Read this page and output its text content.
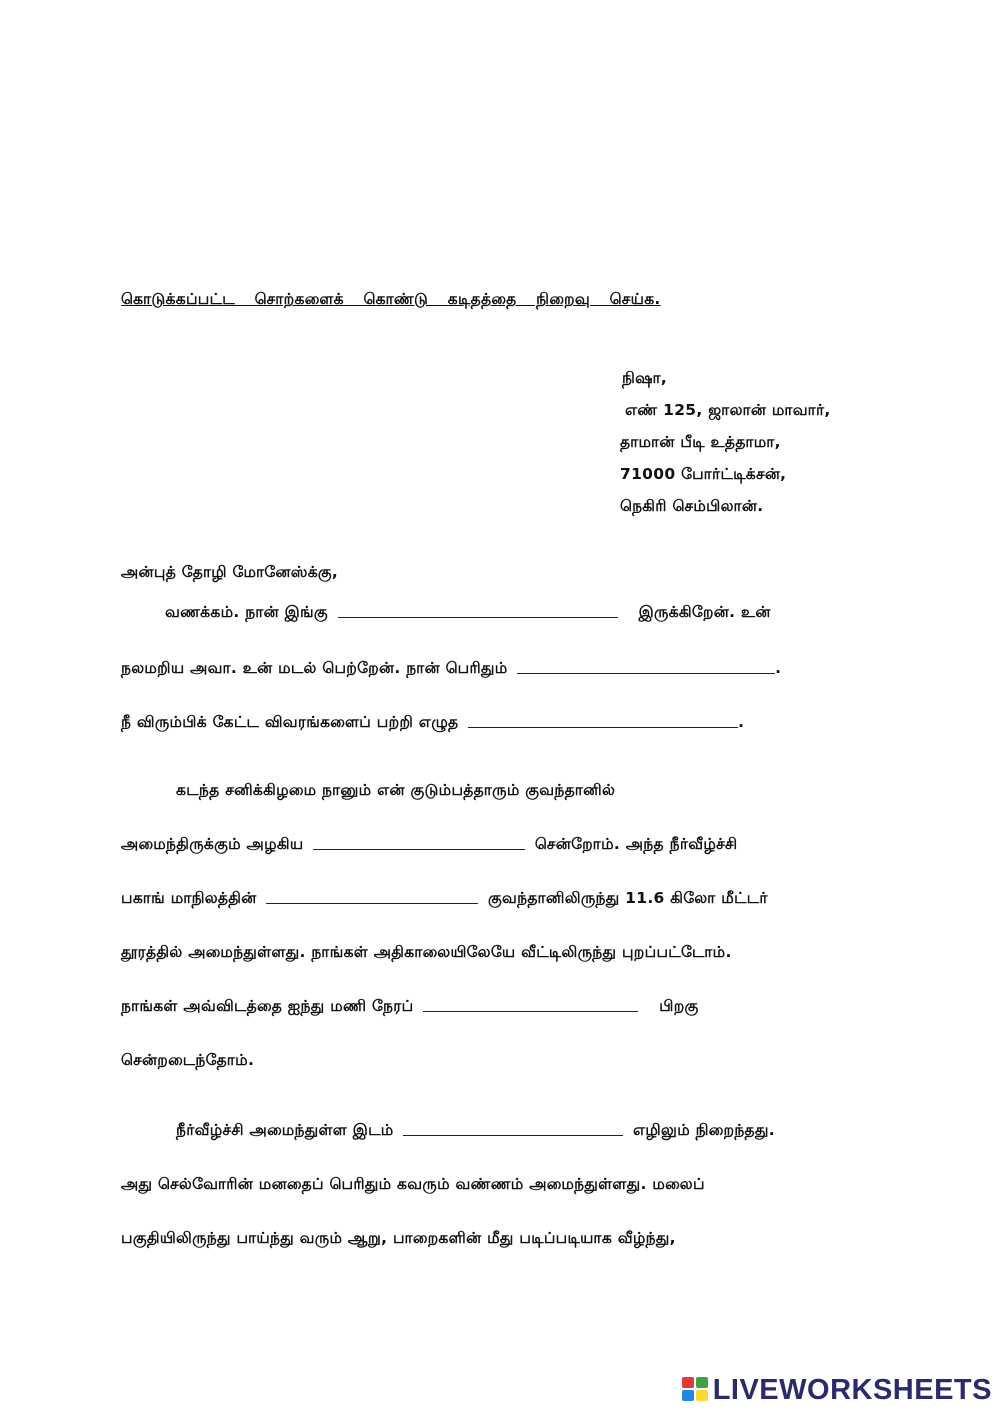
கொடுக்கப்பட்ட சொற்களைக் கொண்டு கடிதத்தை நிறைவு செய்க.
நிஷா,
எண் 125, ஜாலான் மாவார்,
தாமான் பீடி உத்தாமா,
71000 போர்ட்டிக்சன்,
நெகிரி செம்பிலான்.
அன்புத் தோழி மோனேஸ்க்கு,
வணக்கம். நான் இங்கு	இருக்கிறேன். உன்
நலமறிய அவா. உன் மடல் பெற்றேன். நான் பெரிதும்	.
நீ விரும்பிக் கேட்ட விவரங்களைப் பற்றி எழுத	.
கடந்த சனிக்கிழமை நானும் என் குடும்பத்தாரும் குவந்தானில்
அமைந்திருக்கும் அழகிய	சென்றோம். அந்த நீர்வீழ்ச்சி
பகாங் மாநிலத்தின்	குவந்தானிலிருந்து 11.6 கிலோ மீட்டர்
தூரத்தில் அமைந்துள்ளது. நாங்கள் அதிகாலையிலேயே வீட்டிலிருந்து புறப்பட்டோம்.
நாங்கள் அவ்விடத்தை ஐந்து மணி நேரப்	பிறகு
சென்றடைந்தோம்.
நீர்வீழ்ச்சி அமைந்துள்ள இடம்	எழிலும் நிறைந்தது.
அது செல்வோரின் மனதைப் பெரிதும் கவரும் வண்ணம் அமைந்துள்ளது. மலைப்
பகுதியிலிருந்து பாய்ந்து வரும் ஆறு, பாறைகளின் மீது படிப்படியாக வீழ்ந்து,
LIVEWORKSHEETS
